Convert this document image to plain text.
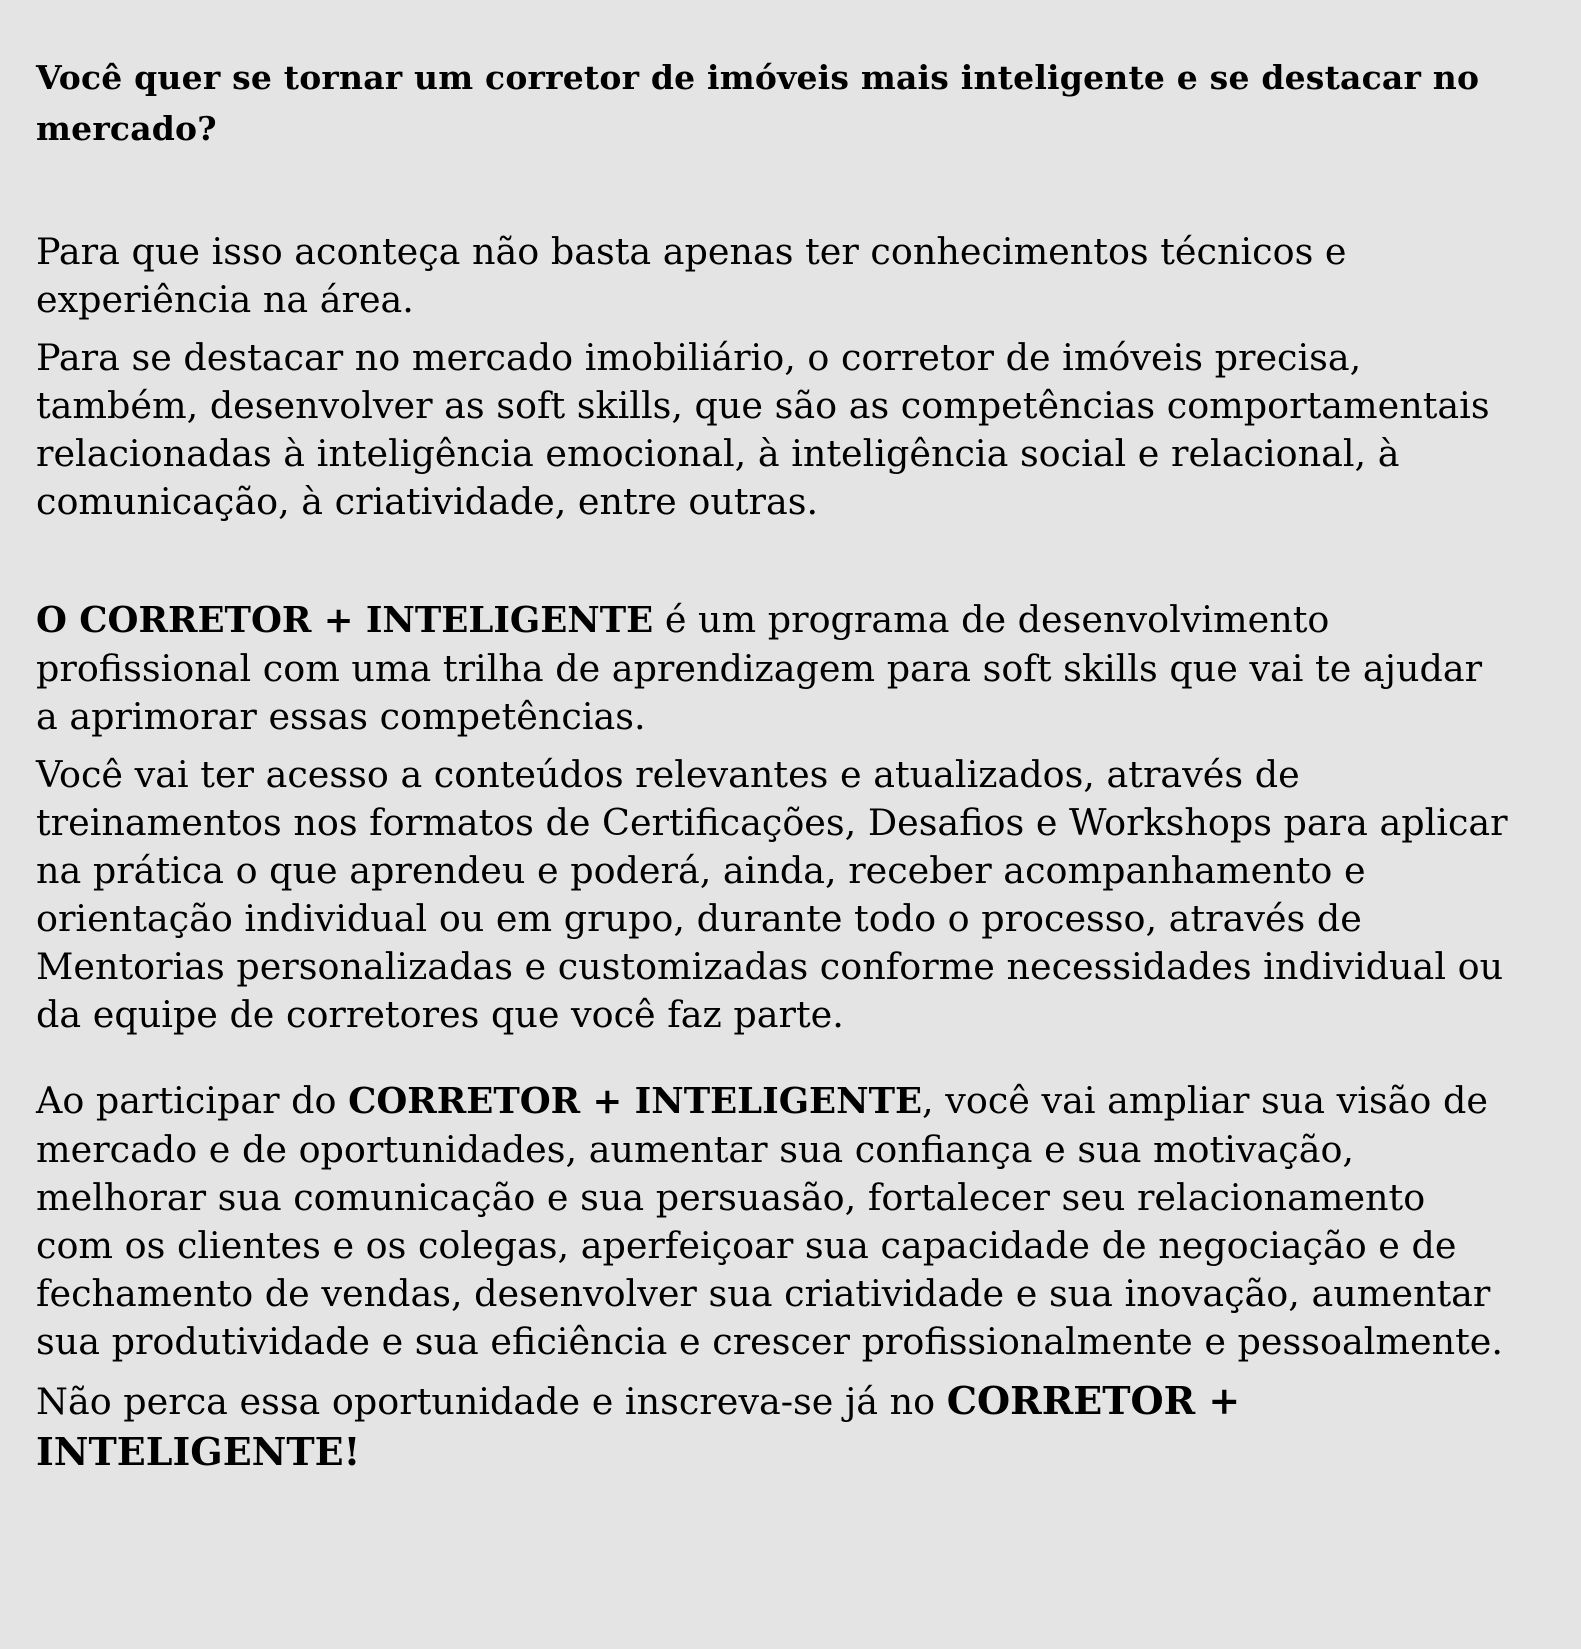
Você quer se tornar um corretor de imóveis mais inteligente e se destacar no mercado?

Para que isso aconteça não basta apenas ter conhecimentos técnicos e experiência na área.

Para se destacar no mercado imobiliário, o corretor de imóveis precisa, também, desenvolver as soft skills, que são as competências comportamentais relacionadas à inteligência emocional, à inteligência social e relacional, à comunicação, à criatividade, entre outras.

O CORRETOR + INTELIGENTE é um programa de desenvolvimento profissional com uma trilha de aprendizagem para soft skills que vai te ajudar a aprimorar essas competências.

Você vai ter acesso a conteúdos relevantes e atualizados, através de treinamentos nos formatos de Certificações, Desafios e Workshops para aplicar na prática o que aprendeu e poderá, ainda, receber acompanhamento e orientação individual ou em grupo, durante todo o processo, através de Mentorias personalizadas e customizadas conforme necessidades individual ou da equipe de corretores que você faz parte.

Ao participar do CORRETOR + INTELIGENTE, você vai ampliar sua visão de mercado e de oportunidades, aumentar sua confiança e sua motivação, melhorar sua comunicação e sua persuasão, fortalecer seu relacionamento com os clientes e os colegas, aperfeiçoar sua capacidade de negociação e de fechamento de vendas, desenvolver sua criatividade e sua inovação, aumentar sua produtividade e sua eficiência e crescer profissionalmente e pessoalmente.

Não perca essa oportunidade e inscreva-se já no CORRETOR + INTELIGENTE!
